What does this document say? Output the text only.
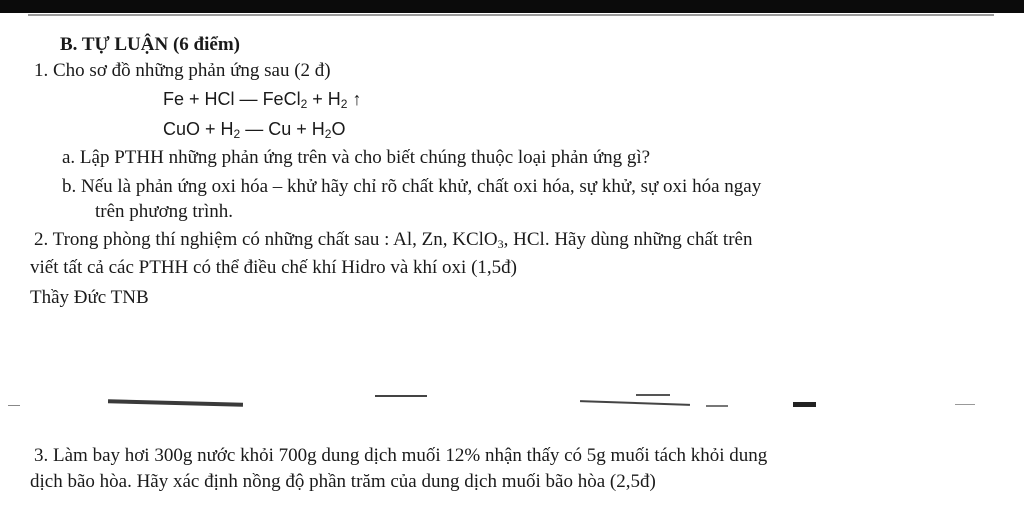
B. TỰ LUẬN (6 điểm)
1. Cho sơ đồ những phản ứng sau (2 đ)
Fe + HCl — FeCl$_2$ + $H_2$ ↑
CuO + $H_2$ — $Cu + H_2O$
a. Lập PTHH những phản ứng trên và cho biết chúng thuộc loại phản ứng gì?
b. Nếu là phản ứng oxi hóa – khử hãy chỉ rõ chất khử, chất oxi hóa, sự khử, sự oxi hóa ngay
trên phương trình.
2. Trong phòng thí nghiệm có những chất sau : Al, Zn, KClO$_3$, HCl. Hãy dùng những chất trên
viết tất cả các PTHH có thể điều chế khí Hidro và khí oxi (1,5đ)
Thầy Đức TNB
3. Làm bay hơi 300g nước khỏi 700g dung dịch muối 12% nhận thấy có 5g muối tách khỏi dung
dịch bão hòa. Hãy xác định nồng độ phần trăm của dung dịch muối bão hòa (2,5đ)
